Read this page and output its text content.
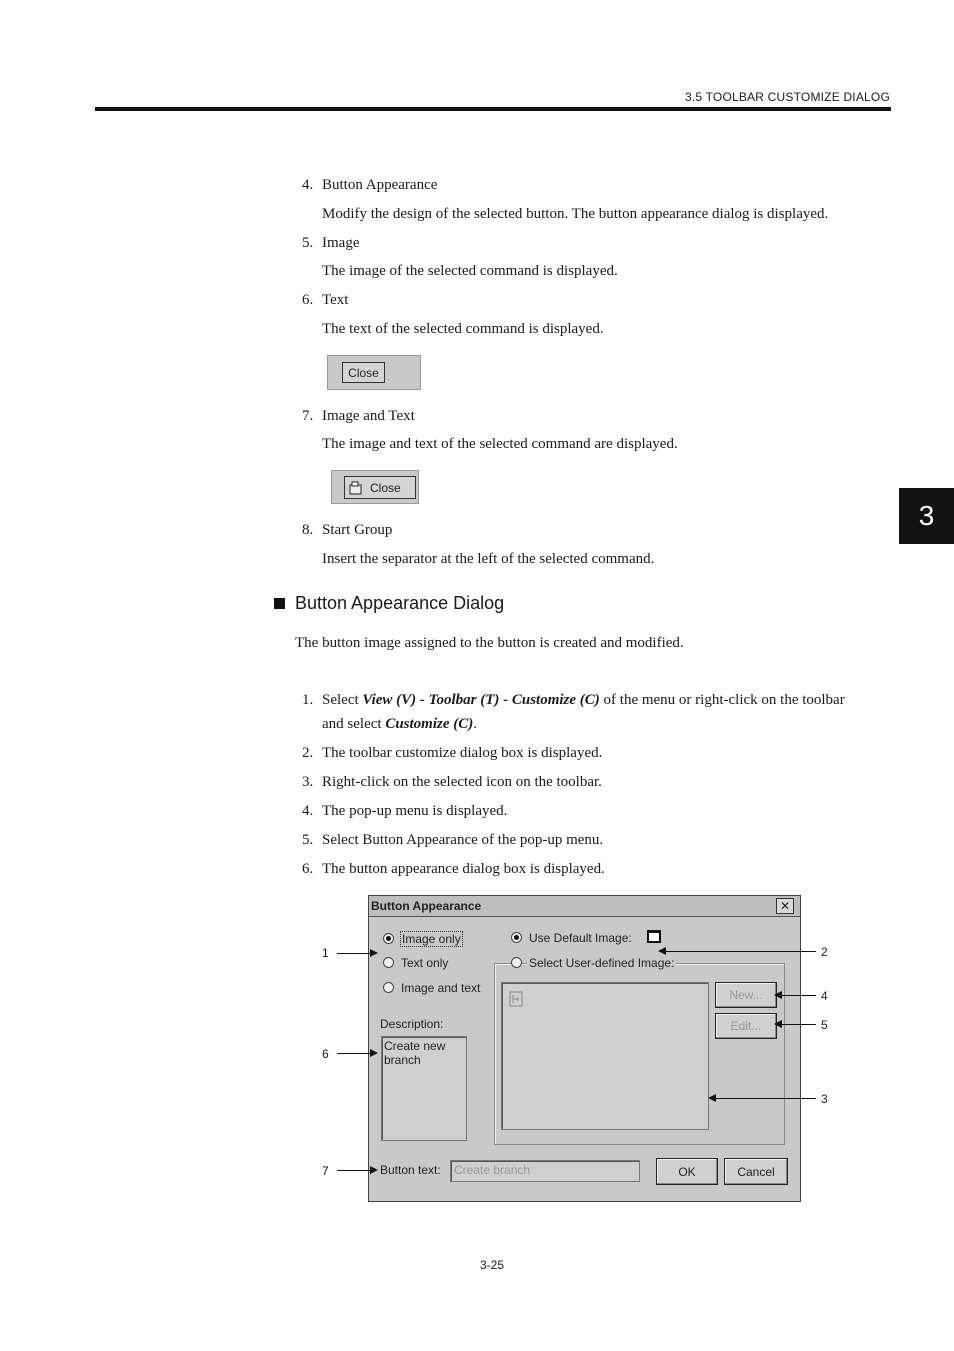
3.5 TOOLBAR CUSTOMIZE DIALOG
3
4. Button Appearance
Modify the design of the selected button. The button appearance dialog is displayed.
5. Image
The image of the selected command is displayed.
6. Text
The text of the selected command is displayed.
Close
7. Image and Text
The image and text of the selected command are displayed.
Close
8. Start Group
Insert the separator at the left of the selected command.
Button Appearance Dialog
The button image assigned to the button is created and modified.
1. Select View (V) - Toolbar (T) - Customize (C) of the menu or right-click on the toolbar
and select Customize (C).
2. The toolbar customize dialog box is displayed.
3. Right-click on the selected icon on the toolbar.
4. The pop-up menu is displayed.
5. Select Button Appearance of the pop-up menu.
6. The button appearance dialog box is displayed.
Button Appearance	✕
Image only
Text only
Image and text
Description:
Create new branch
Use Default Image:
Select User-defined Image:
New...
Edit...
Button text:	Create branch	OK	Cancel
1
6
7
2
4
5
3
3-25
